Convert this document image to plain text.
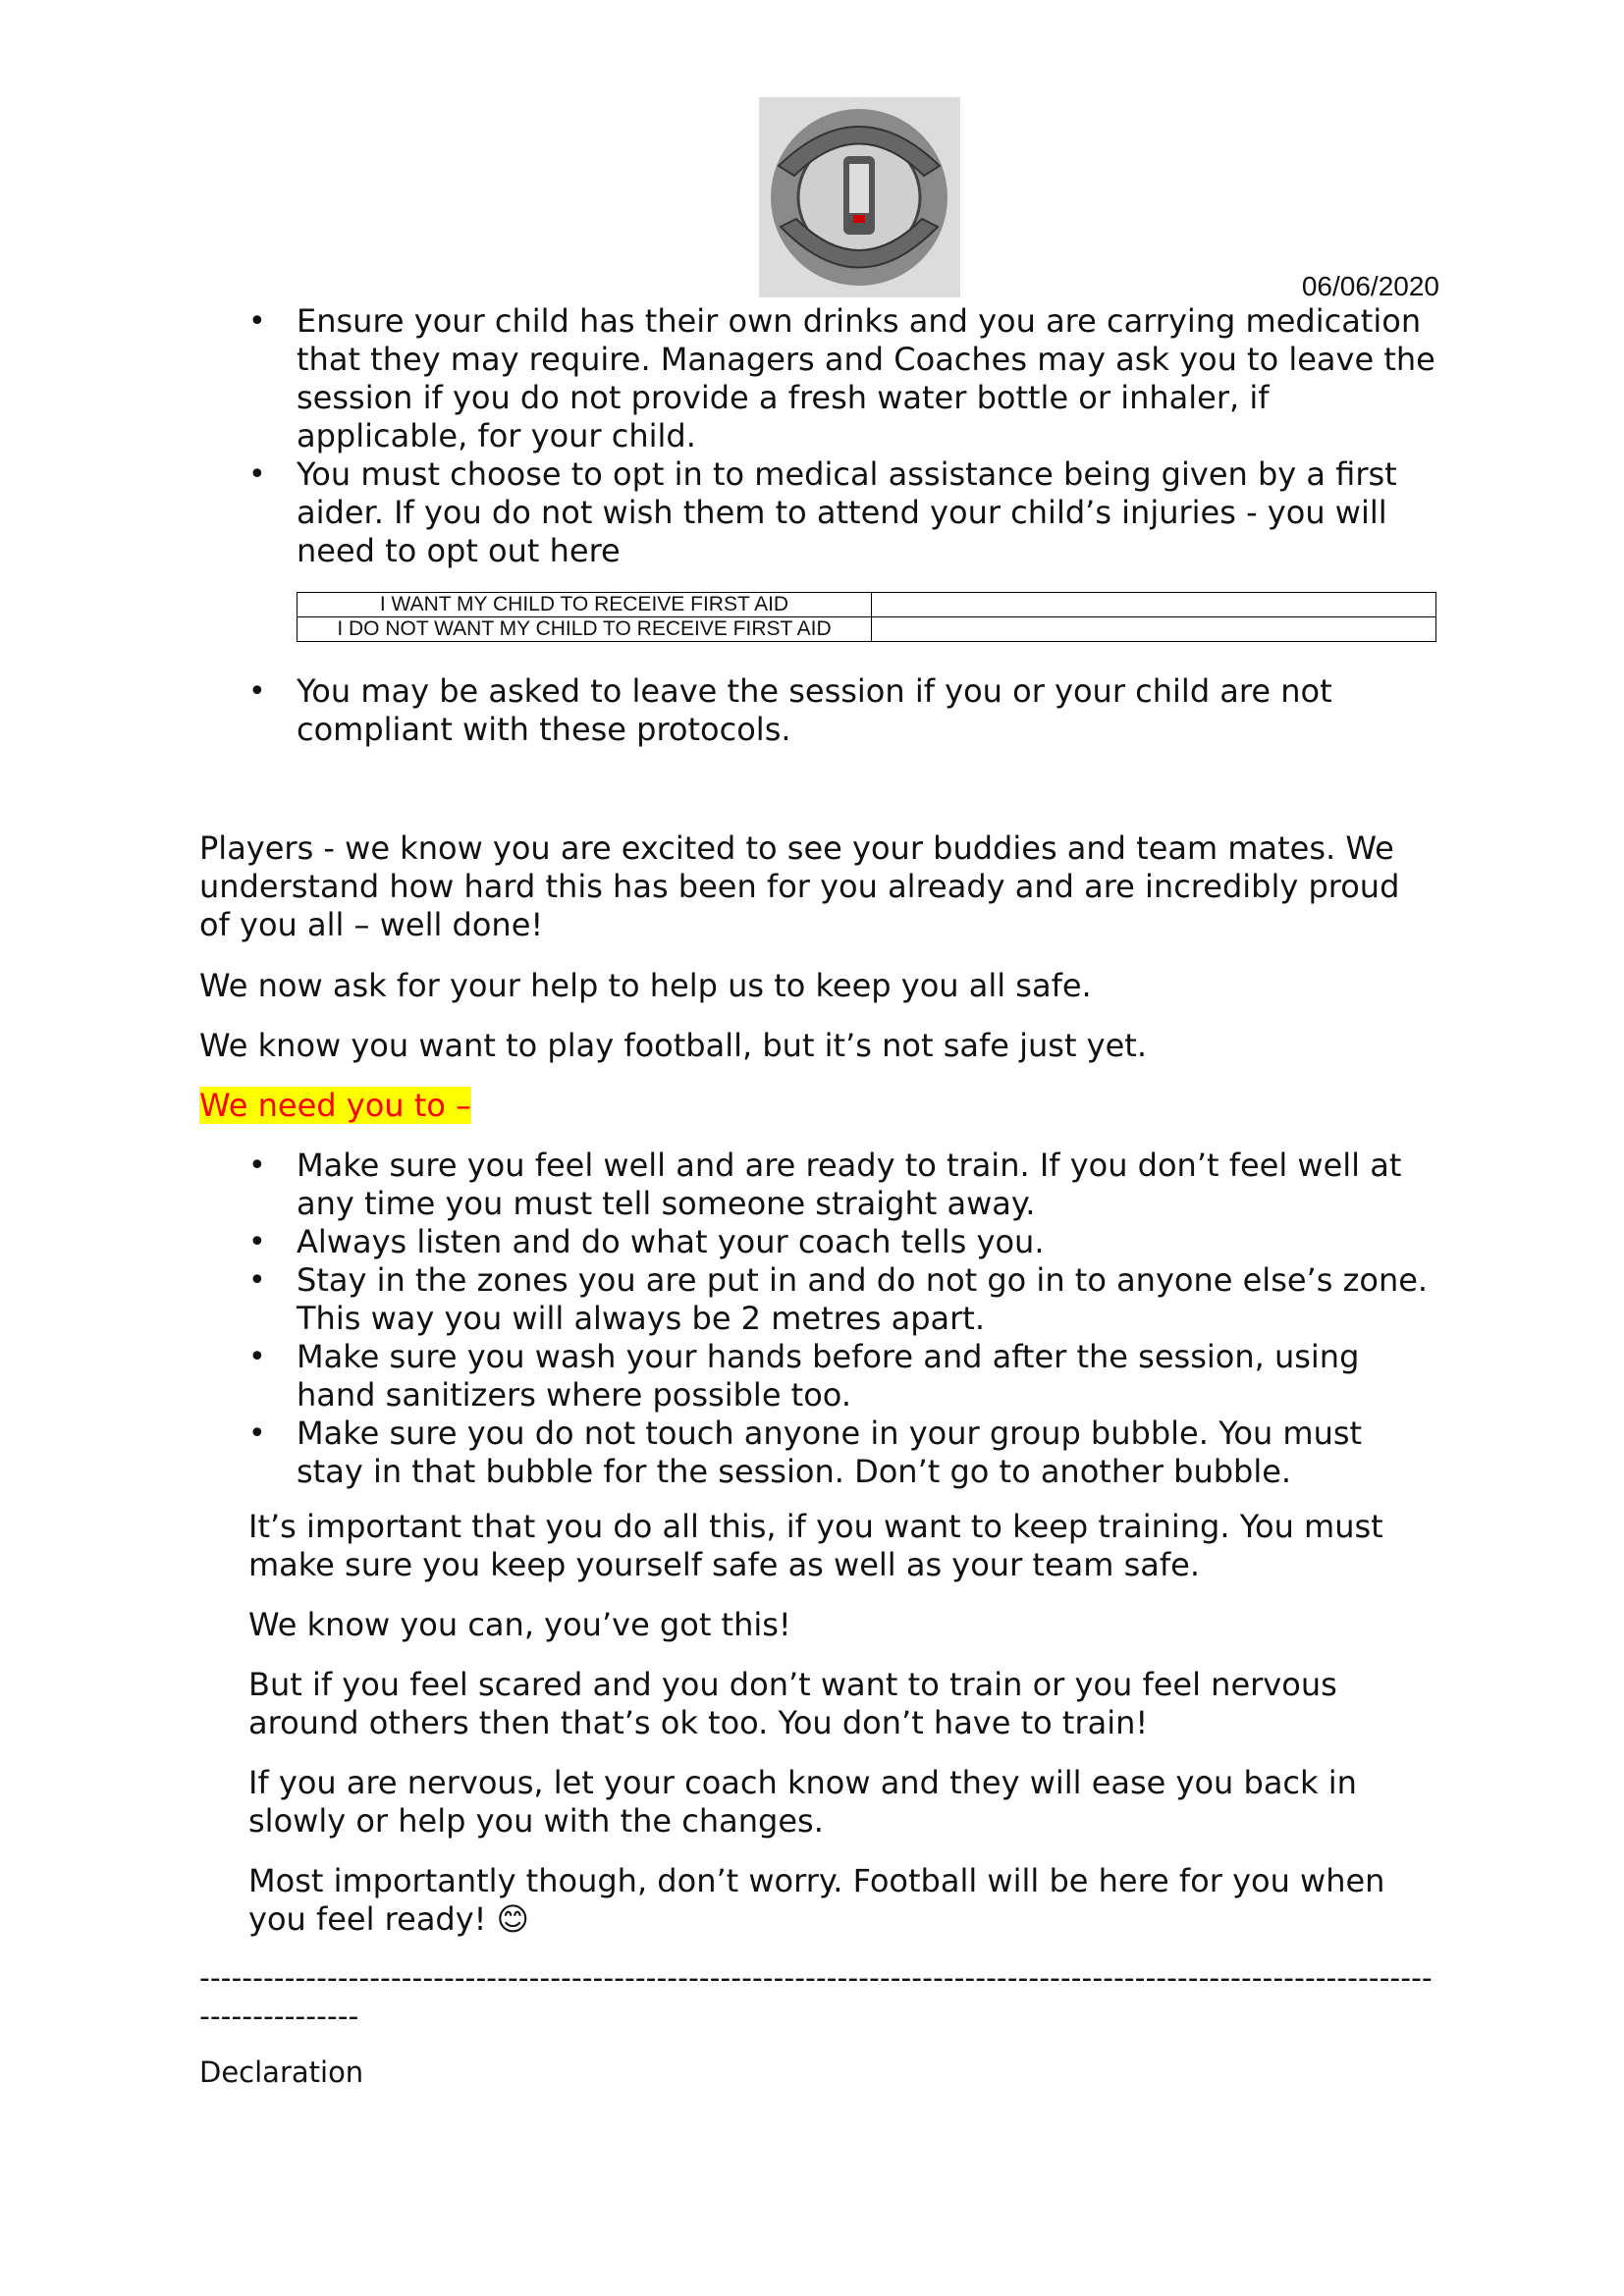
06/06/2020
• Ensure your child has their own drinks and you are carrying medication that they may require. Managers and Coaches may ask you to leave the session if you do not provide a fresh water bottle or inhaler, if applicable, for your child.
• You must choose to opt in to medical assistance being given by a first aider. If you do not wish them to attend your child’s injuries - you will need to opt out here
I WANT MY CHILD TO RECEIVE FIRST AID	
I DO NOT WANT MY CHILD TO RECEIVE FIRST AID	
• You may be asked to leave the session if you or your child are not compliant with these protocols.

Players - we know you are excited to see your buddies and team mates. We understand how hard this has been for you already and are incredibly proud of you all – well done!

We now ask for your help to help us to keep you all safe.

We know you want to play football, but it’s not safe just yet.

We need you to –

• Make sure you feel well and are ready to train. If you don’t feel well at any time you must tell someone straight away.
• Always listen and do what your coach tells you.
• Stay in the zones you are put in and do not go in to anyone else’s zone. This way you will always be 2 metres apart.
• Make sure you wash your hands before and after the session, using hand sanitizers where possible too.
• Make sure you do not touch anyone in your group bubble. You must stay in that bubble for the session. Don’t go to another bubble.

It’s important that you do all this, if you want to keep training. You must make sure you keep yourself safe as well as your team safe.

We know you can, you’ve got this!

But if you feel scared and you don’t want to train or you feel nervous around others then that’s ok too. You don’t have to train!

If you are nervous, let your coach know and they will ease you back in slowly or help you with the changes.

Most importantly though, don’t worry. Football will be here for you when you feel ready! 😊

-----------------------------------------------------------------------------------------------------------------------------------

Declaration
